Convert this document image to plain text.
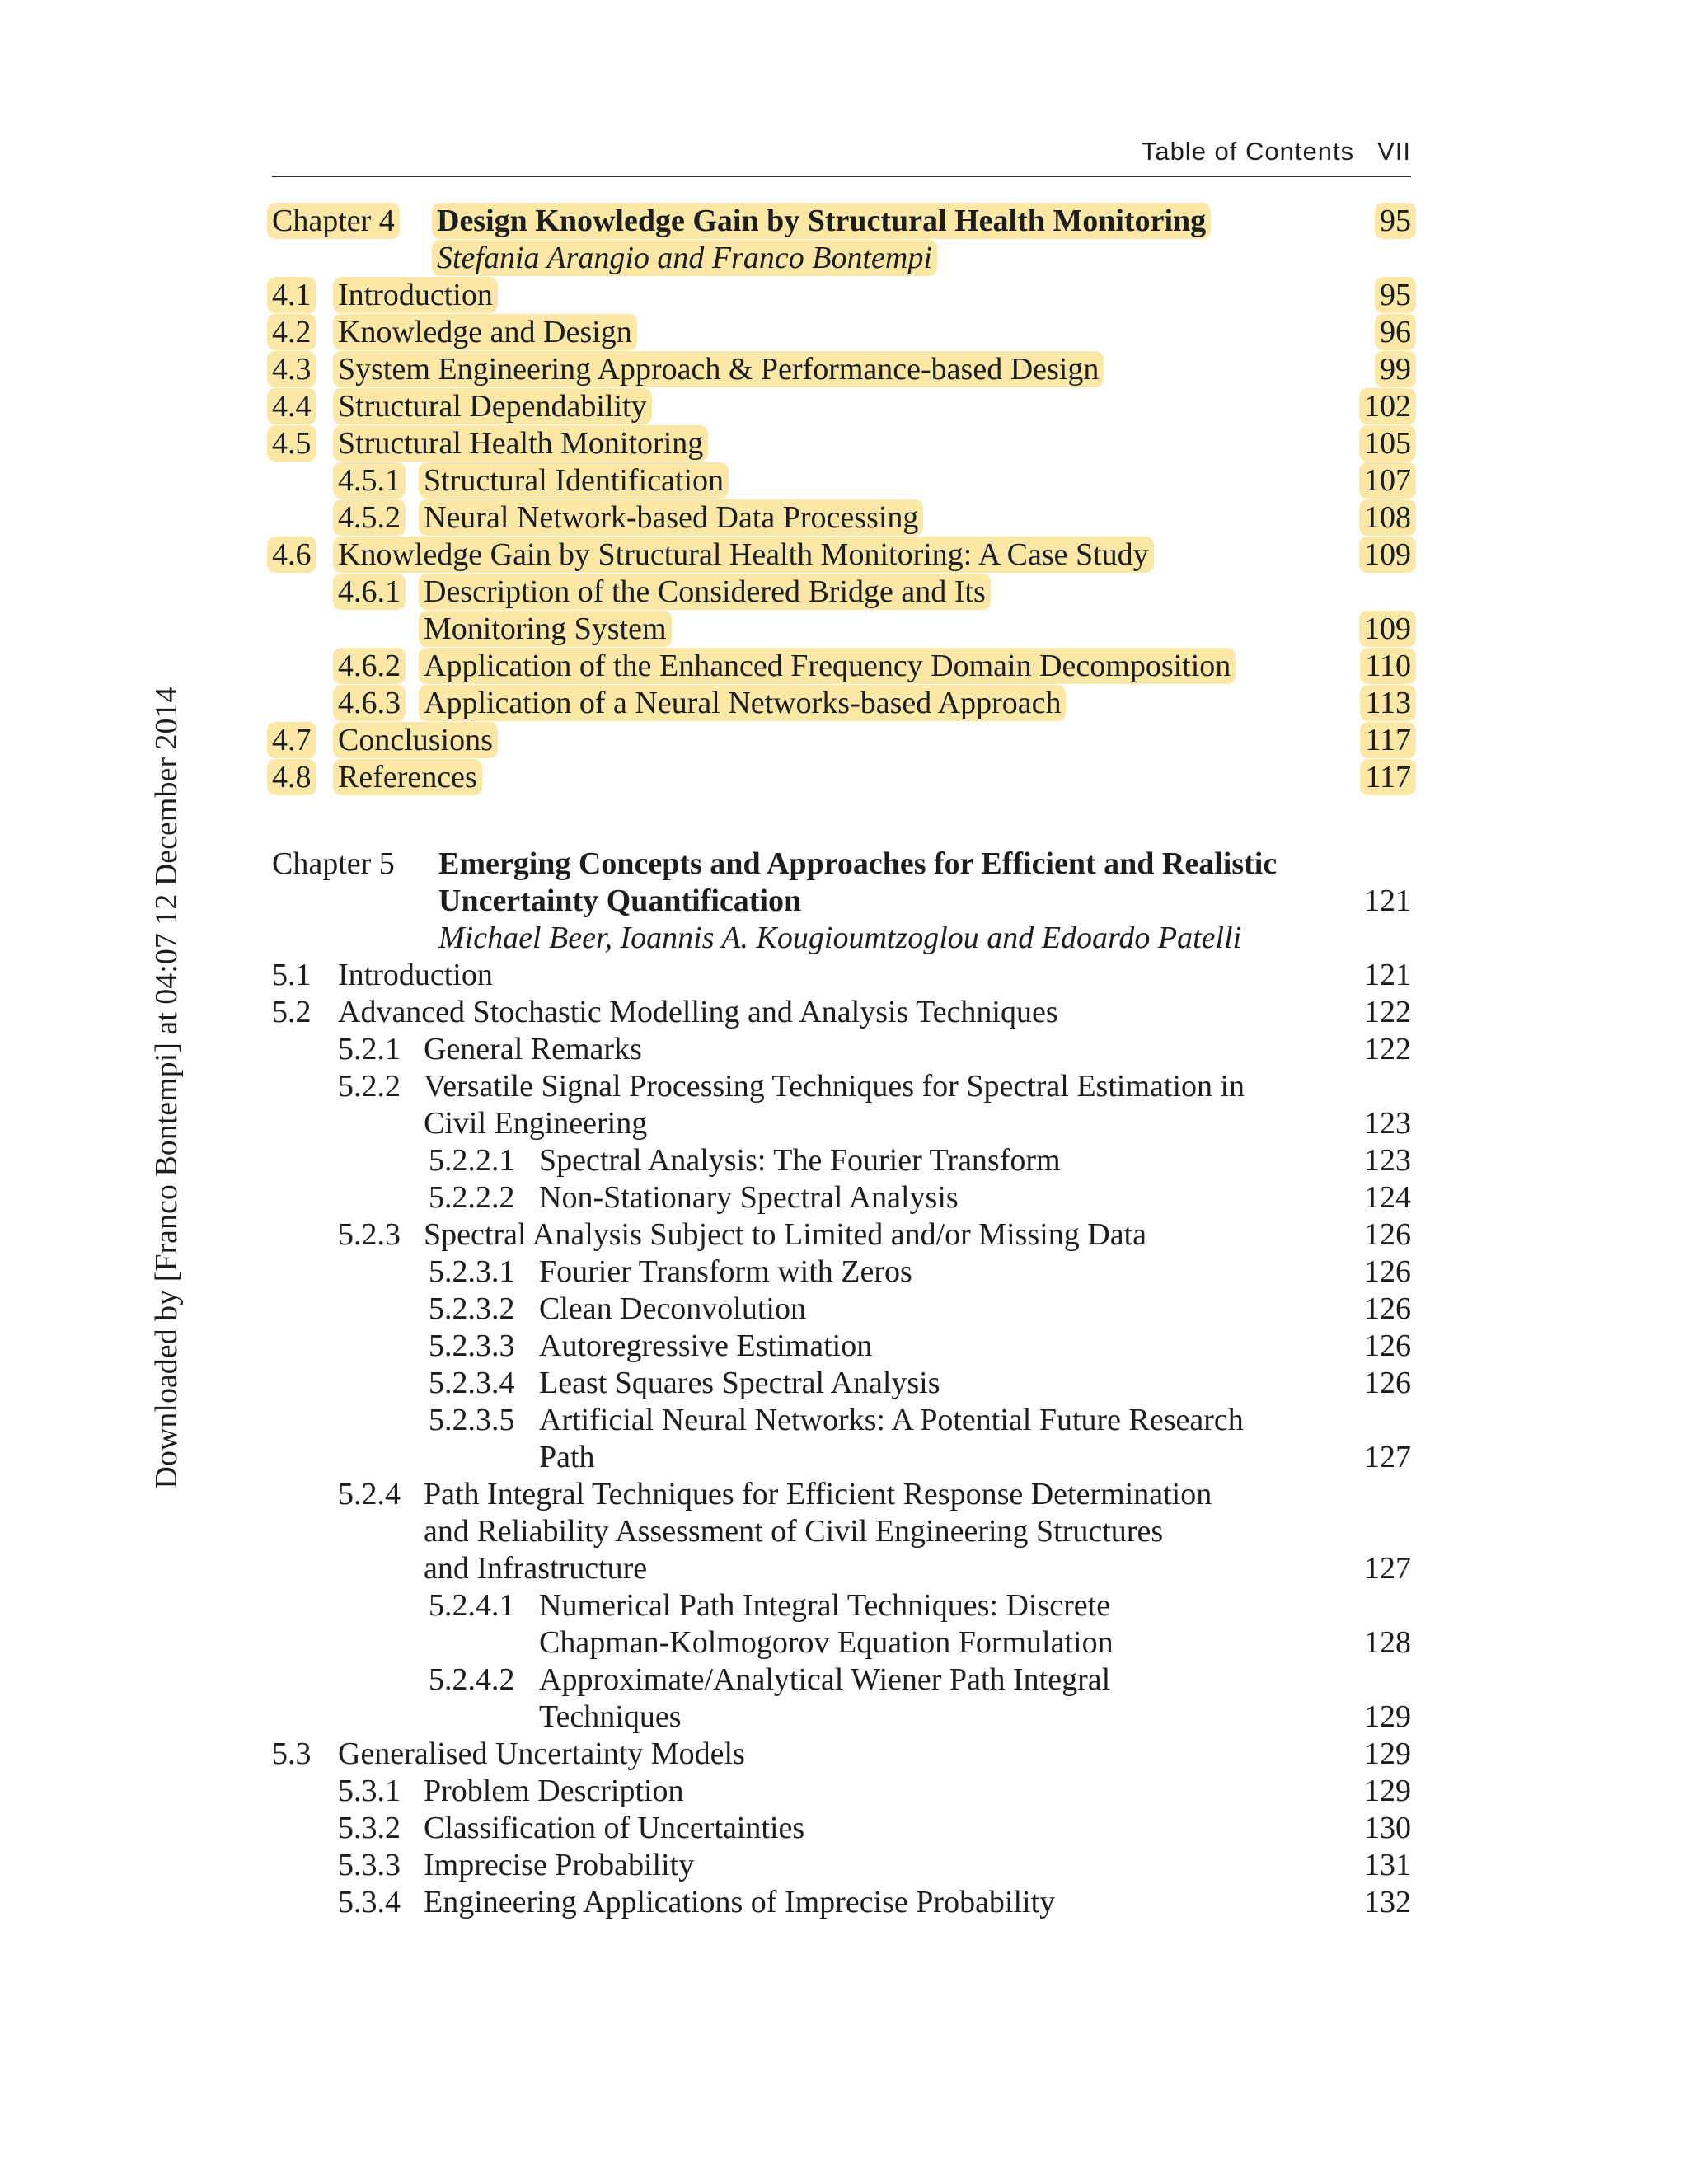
Table of Contents VII
Downloaded by [Franco Bontempi] at 04:07 12 December 2014
Chapter 4 Design Knowledge Gain by Structural Health Monitoring	95
Stefania Arangio and Franco Bontempi
4.1 Introduction	95
4.2 Knowledge and Design	96
4.3 System Engineering Approach & Performance-based Design	99
4.4 Structural Dependability	102
4.5 Structural Health Monitoring	105
4.5.1 Structural Identification	107
4.5.2 Neural Network-based Data Processing	108
4.6 Knowledge Gain by Structural Health Monitoring: A Case Study	109
4.6.1 Description of the Considered Bridge and Its
Monitoring System	109
4.6.2 Application of the Enhanced Frequency Domain Decomposition	110
4.6.3 Application of a Neural Networks-based Approach	113
4.7 Conclusions	117
4.8 References	117
Chapter 5 Emerging Concepts and Approaches for Efficient and Realistic
Uncertainty Quantification	121
Michael Beer, Ioannis A. Kougioumtzoglou and Edoardo Patelli
5.1 Introduction	121
5.2 Advanced Stochastic Modelling and Analysis Techniques	122
5.2.1 General Remarks	122
5.2.2 Versatile Signal Processing Techniques for Spectral Estimation in
Civil Engineering	123
5.2.2.1 Spectral Analysis: The Fourier Transform	123
5.2.2.2 Non-Stationary Spectral Analysis	124
5.2.3 Spectral Analysis Subject to Limited and/or Missing Data	126
5.2.3.1 Fourier Transform with Zeros	126
5.2.3.2 Clean Deconvolution	126
5.2.3.3 Autoregressive Estimation	126
5.2.3.4 Least Squares Spectral Analysis	126
5.2.3.5 Artificial Neural Networks: A Potential Future Research
Path	127
5.2.4 Path Integral Techniques for Efficient Response Determination
and Reliability Assessment of Civil Engineering Structures
and Infrastructure	127
5.2.4.1 Numerical Path Integral Techniques: Discrete
Chapman-Kolmogorov Equation Formulation	128
5.2.4.2 Approximate/Analytical Wiener Path Integral
Techniques	129
5.3 Generalised Uncertainty Models	129
5.3.1 Problem Description	129
5.3.2 Classification of Uncertainties	130
5.3.3 Imprecise Probability	131
5.3.4 Engineering Applications of Imprecise Probability	132
